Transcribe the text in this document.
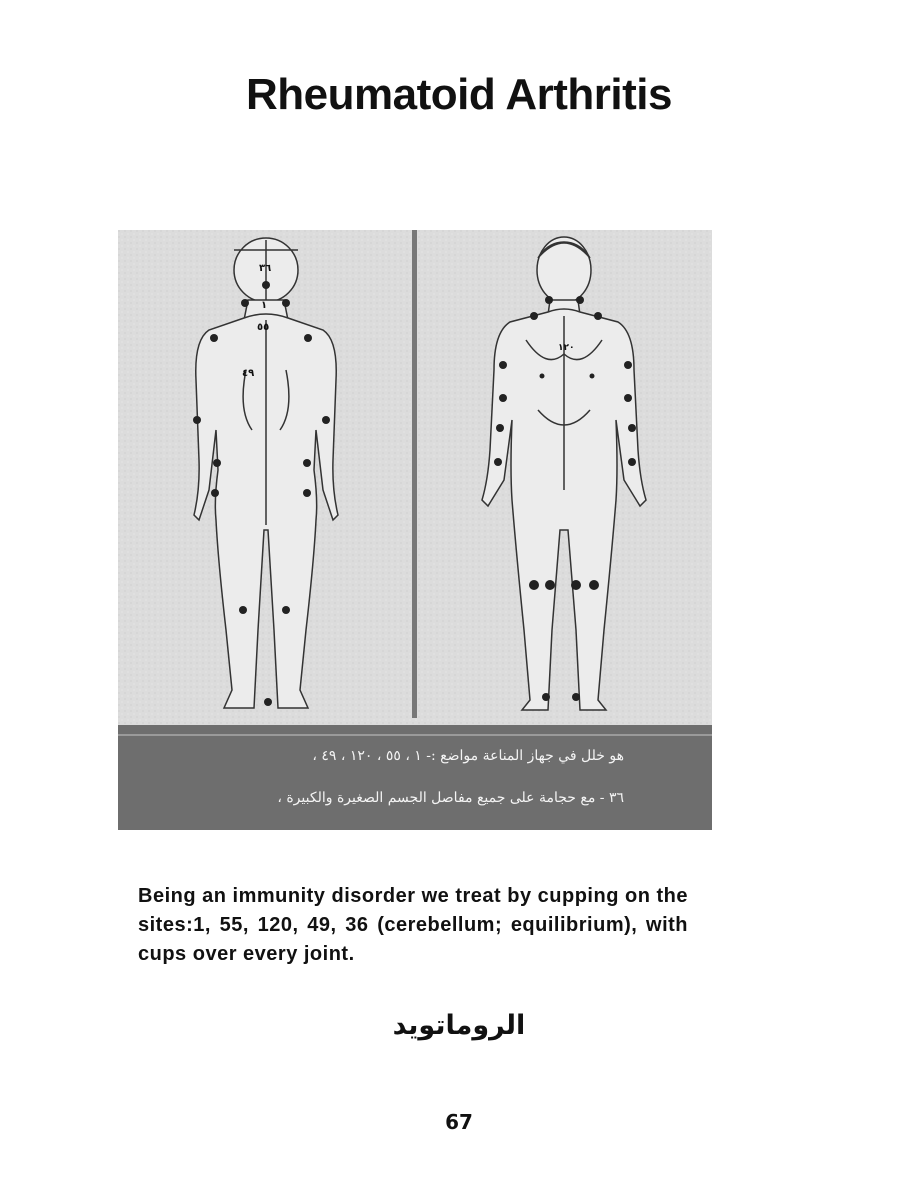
Rheumatoid Arthritis
٣٦
١
٥٥
٤٩
١٢٠
هو خلل في جهاز المناعة مواضع :- ١ ، ٥٥ ، ١٢٠ ، ٤٩ ،
٣٦ - مع حجامة على جميع مفاصل الجسم الصغيرة والكبيرة ،
Being an immunity disorder we treat by cupping on the sites:1, 55, 120, 49, 36 (cerebellum; equilibrium), with cups over every joint.
الروماتويد
67
